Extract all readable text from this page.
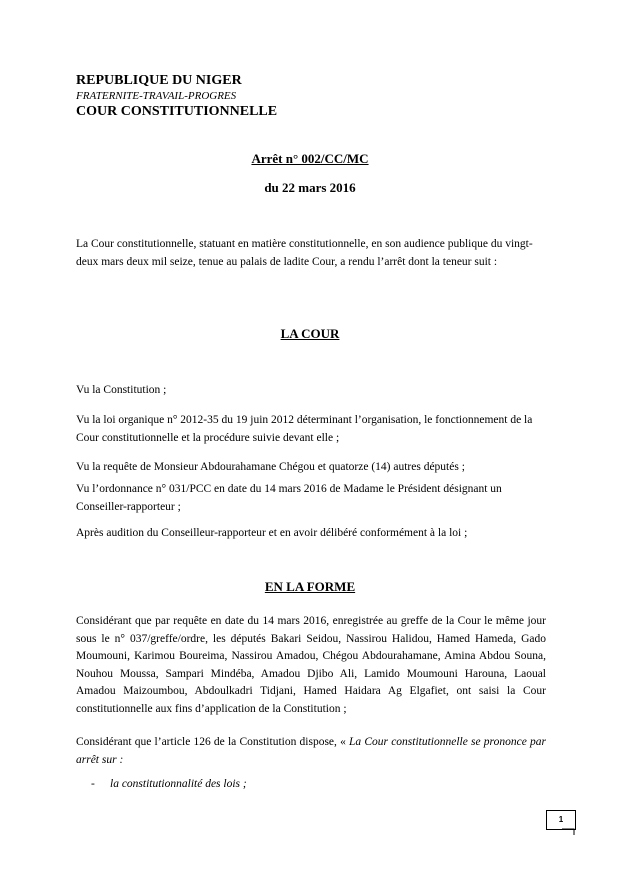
REPUBLIQUE DU NIGER
FRATERNITE-TRAVAIL-PROGRES
COUR CONSTITUTIONNELLE
Arrêt n° 002/CC/MC
du 22 mars 2016
La Cour constitutionnelle, statuant en matière constitutionnelle, en son audience publique du vingt-deux mars deux mil seize, tenue au palais de ladite Cour, a rendu l’arrêt dont la teneur suit :
LA COUR
Vu la Constitution ;
Vu la loi organique n° 2012-35 du 19 juin 2012 déterminant l’organisation, le fonctionnement de la Cour constitutionnelle et la procédure suivie devant elle ;
Vu la requête de Monsieur Abdourahamane Chégou et quatorze (14) autres députés ;
Vu l’ordonnance n° 031/PCC en date du 14 mars 2016 de Madame le Président désignant un Conseiller-rapporteur ;
Après audition du Conseilleur-rapporteur et en avoir délibéré conformément à la loi ;
EN LA FORME
Considérant que par requête en date du 14 mars 2016, enregistrée au greffe de la Cour le même jour sous le n° 037/greffe/ordre, les députés Bakari Seidou, Nassirou Halidou, Hamed Hameda, Gado Moumouni, Karimou Boureima, Nassirou Amadou, Chégou Abdourahamane, Amina Abdou Souna, Nouhou Moussa, Sampari Mindéba, Amadou Djibo Ali, Lamido Moumouni Harouna, Laoual Amadou Maizoumbou, Abdoulkadri Tidjani, Hamed Haidara Ag Elgafiet, ont saisi la Cour constitutionnelle aux fins d’application de la Constitution ;
Considérant que l’article 126 de la Constitution dispose, « La Cour constitutionnelle se prononce par arrêt sur :
- la constitutionnalité des lois ;
1
